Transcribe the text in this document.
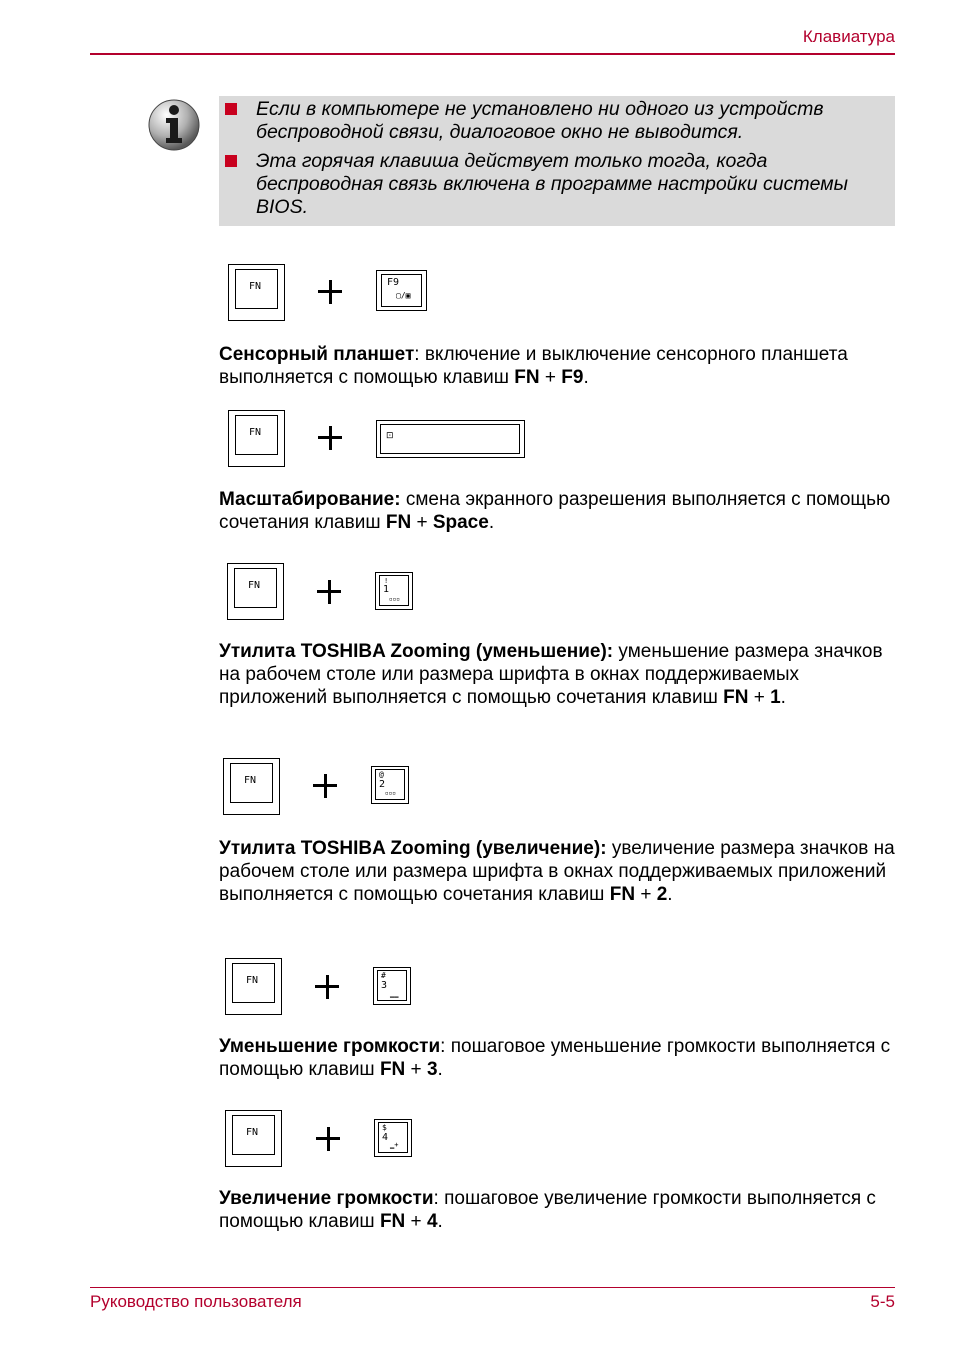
Клавиатура
Если в компьютере не установлено ни одного из устройств беспроводной связи, диалоговое окно не выводится.
Эта горячая клавиша действует только тогда, когда беспроводная связь включена в программе настройки системы BIOS.
FN	F9
▢/▣
Сенсорный планшет: включение и выключение сенсорного планшета выполняется с помощью клавиш FN + F9.
FN	⊡
Масштабирование: смена экранного разрешения выполняется с помощью сочетания клавиш FN + Space.
FN	!
1
▫▫▫
Утилита TOSHIBA Zooming (уменьшение): уменьшение размера значков на рабочем столе или размера шрифта в окнах поддерживаемых приложений выполняется с помощью сочетания клавиш FN + 1.
FN
@
2
▫▫▫
Утилита TOSHIBA Zooming (увеличение): увеличение размера значков на рабочем столе или размера шрифта в окнах поддерживаемых приложений выполняется с помощью сочетания клавиш FN + 2.
FN	#
3
▁▁
Уменьшение громкости: пошаговое уменьшение громкости выполняется с помощью клавиш FN + 3.
FN	$
4
▁+
Увеличение громкости: пошаговое увеличение громкости выполняется с помощью клавиш FN + 4.
Руководство пользователя	5-5
